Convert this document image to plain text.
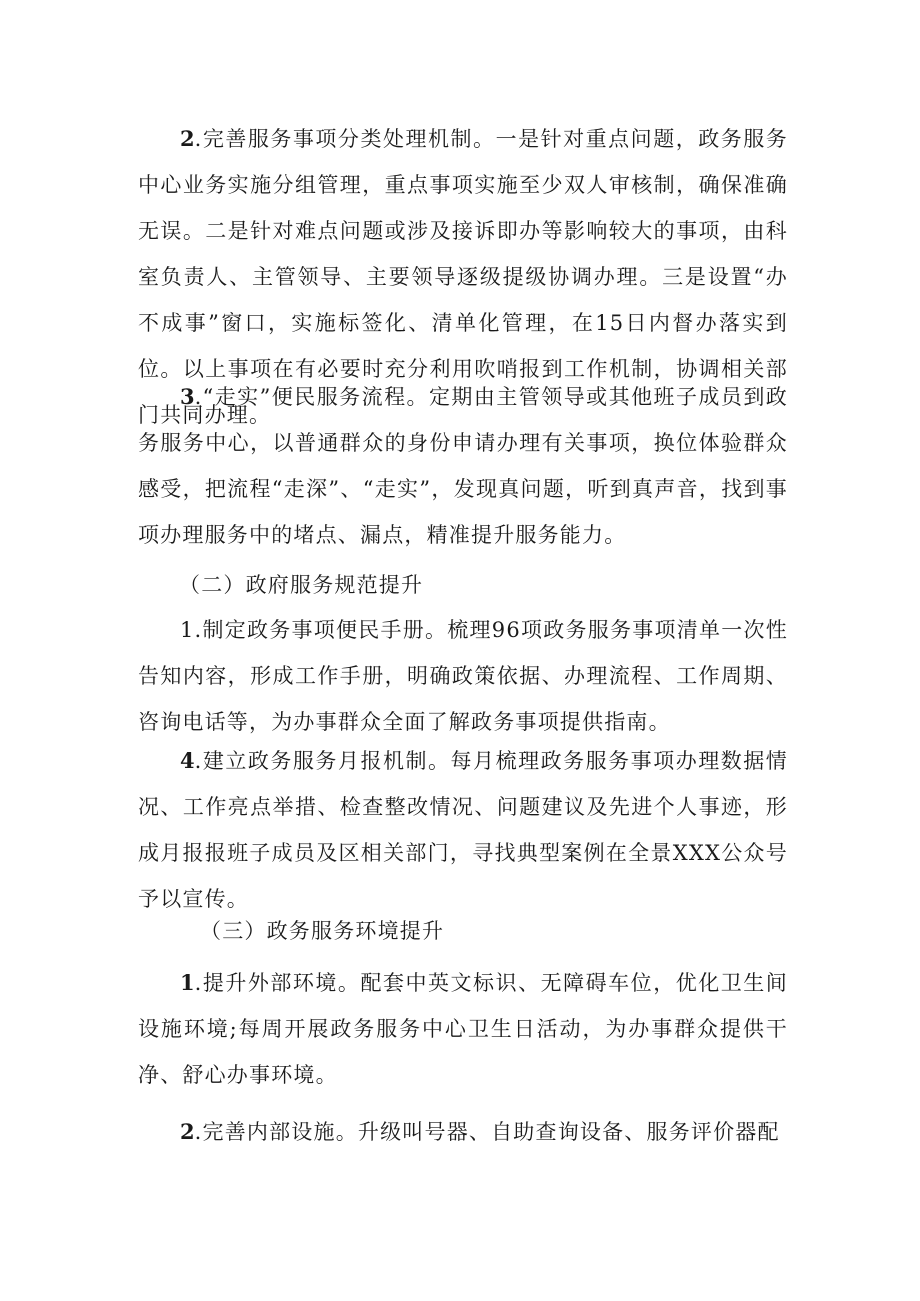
2.完善服务事项分类处理机制。一是针对重点问题，政务服务中心业务实施分组管理，重点事项实施至少双人审核制，确保准确无误。二是针对难点问题或涉及接诉即办等影响较大的事项，由科室负责人、主管领导、主要领导逐级提级协调办理。三是设置“办不成事”窗口，实施标签化、清单化管理，在15日内督办落实到位。以上事项在有必要时充分利用吹哨报到工作机制，协调相关部门共同办理。

3.“走实”便民服务流程。定期由主管领导或其他班子成员到政务服务中心，以普通群众的身份申请办理有关事项，换位体验群众感受，把流程“走深”、“走实”，发现真问题，听到真声音，找到事项办理服务中的堵点、漏点，精准提升服务能力。

（二）政府服务规范提升

1.制定政务事项便民手册。梳理96项政务服务事项清单一次性告知内容，形成工作手册，明确政策依据、办理流程、工作周期、咨询电话等，为办事群众全面了解政务事项提供指南。

4.建立政务服务月报机制。每月梳理政务服务事项办理数据情况、工作亮点举措、检查整改情况、问题建议及先进个人事迹，形成月报报班子成员及区相关部门，寻找典型案例在全景XXX公众号予以宣传。

（三）政务服务环境提升

1.提升外部环境。配套中英文标识、无障碍车位，优化卫生间设施环境;每周开展政务服务中心卫生日活动，为办事群众提供干净、舒心办事环境。

2.完善内部设施。升级叫号器、自助查询设备、服务评价器配
